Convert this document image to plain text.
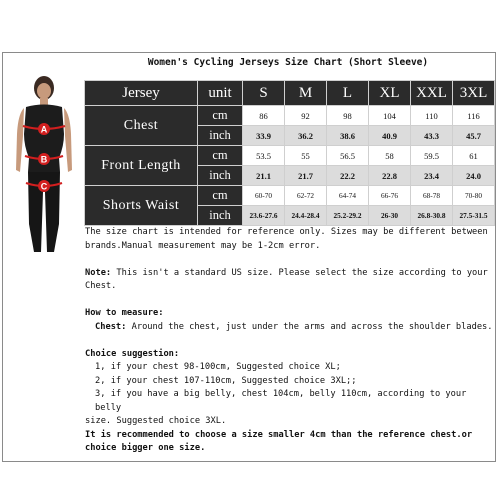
Women's Cycling Jerseys Size Chart (Short Sleeve)
A
B
C
Jersey	unit	S	M	L	XL	XXL	3XL
Chest	cm	86	92	98	104	110	116
	inch	33.9	36.2	38.6	40.9	43.3	45.7
Front Length	cm	53.5	55	56.5	58	59.5	61
	inch	21.1	21.7	22.2	22.8	23.4	24.0
Shorts Waist	cm	60-70	62-72	64-74	66-76	68-78	70-80
	inch	23.6-27.6	24.4-28.4	25.2-29.2	26-30	26.8-30.8	27.5-31.5

The size chart is intended for reference only. Sizes may be different between brands.Manual measurement may be 1-2cm error.

Note: This isn't a standard US size. Please select the size according to your Chest.

How to measure:

Chest: Around the chest, just under the arms and across the shoulder blades.

Choice suggestion:

1, if your chest 98-100cm, Suggested choice XL;

2, if your chest 107-110cm, Suggested choice 3XL;;

3, if you have a big belly, chest 104cm, belly 110cm, according to your belly

size. Suggested choice 3XL.

It is recommended to choose a size smaller 4cm than the reference chest.or choice bigger one size.
